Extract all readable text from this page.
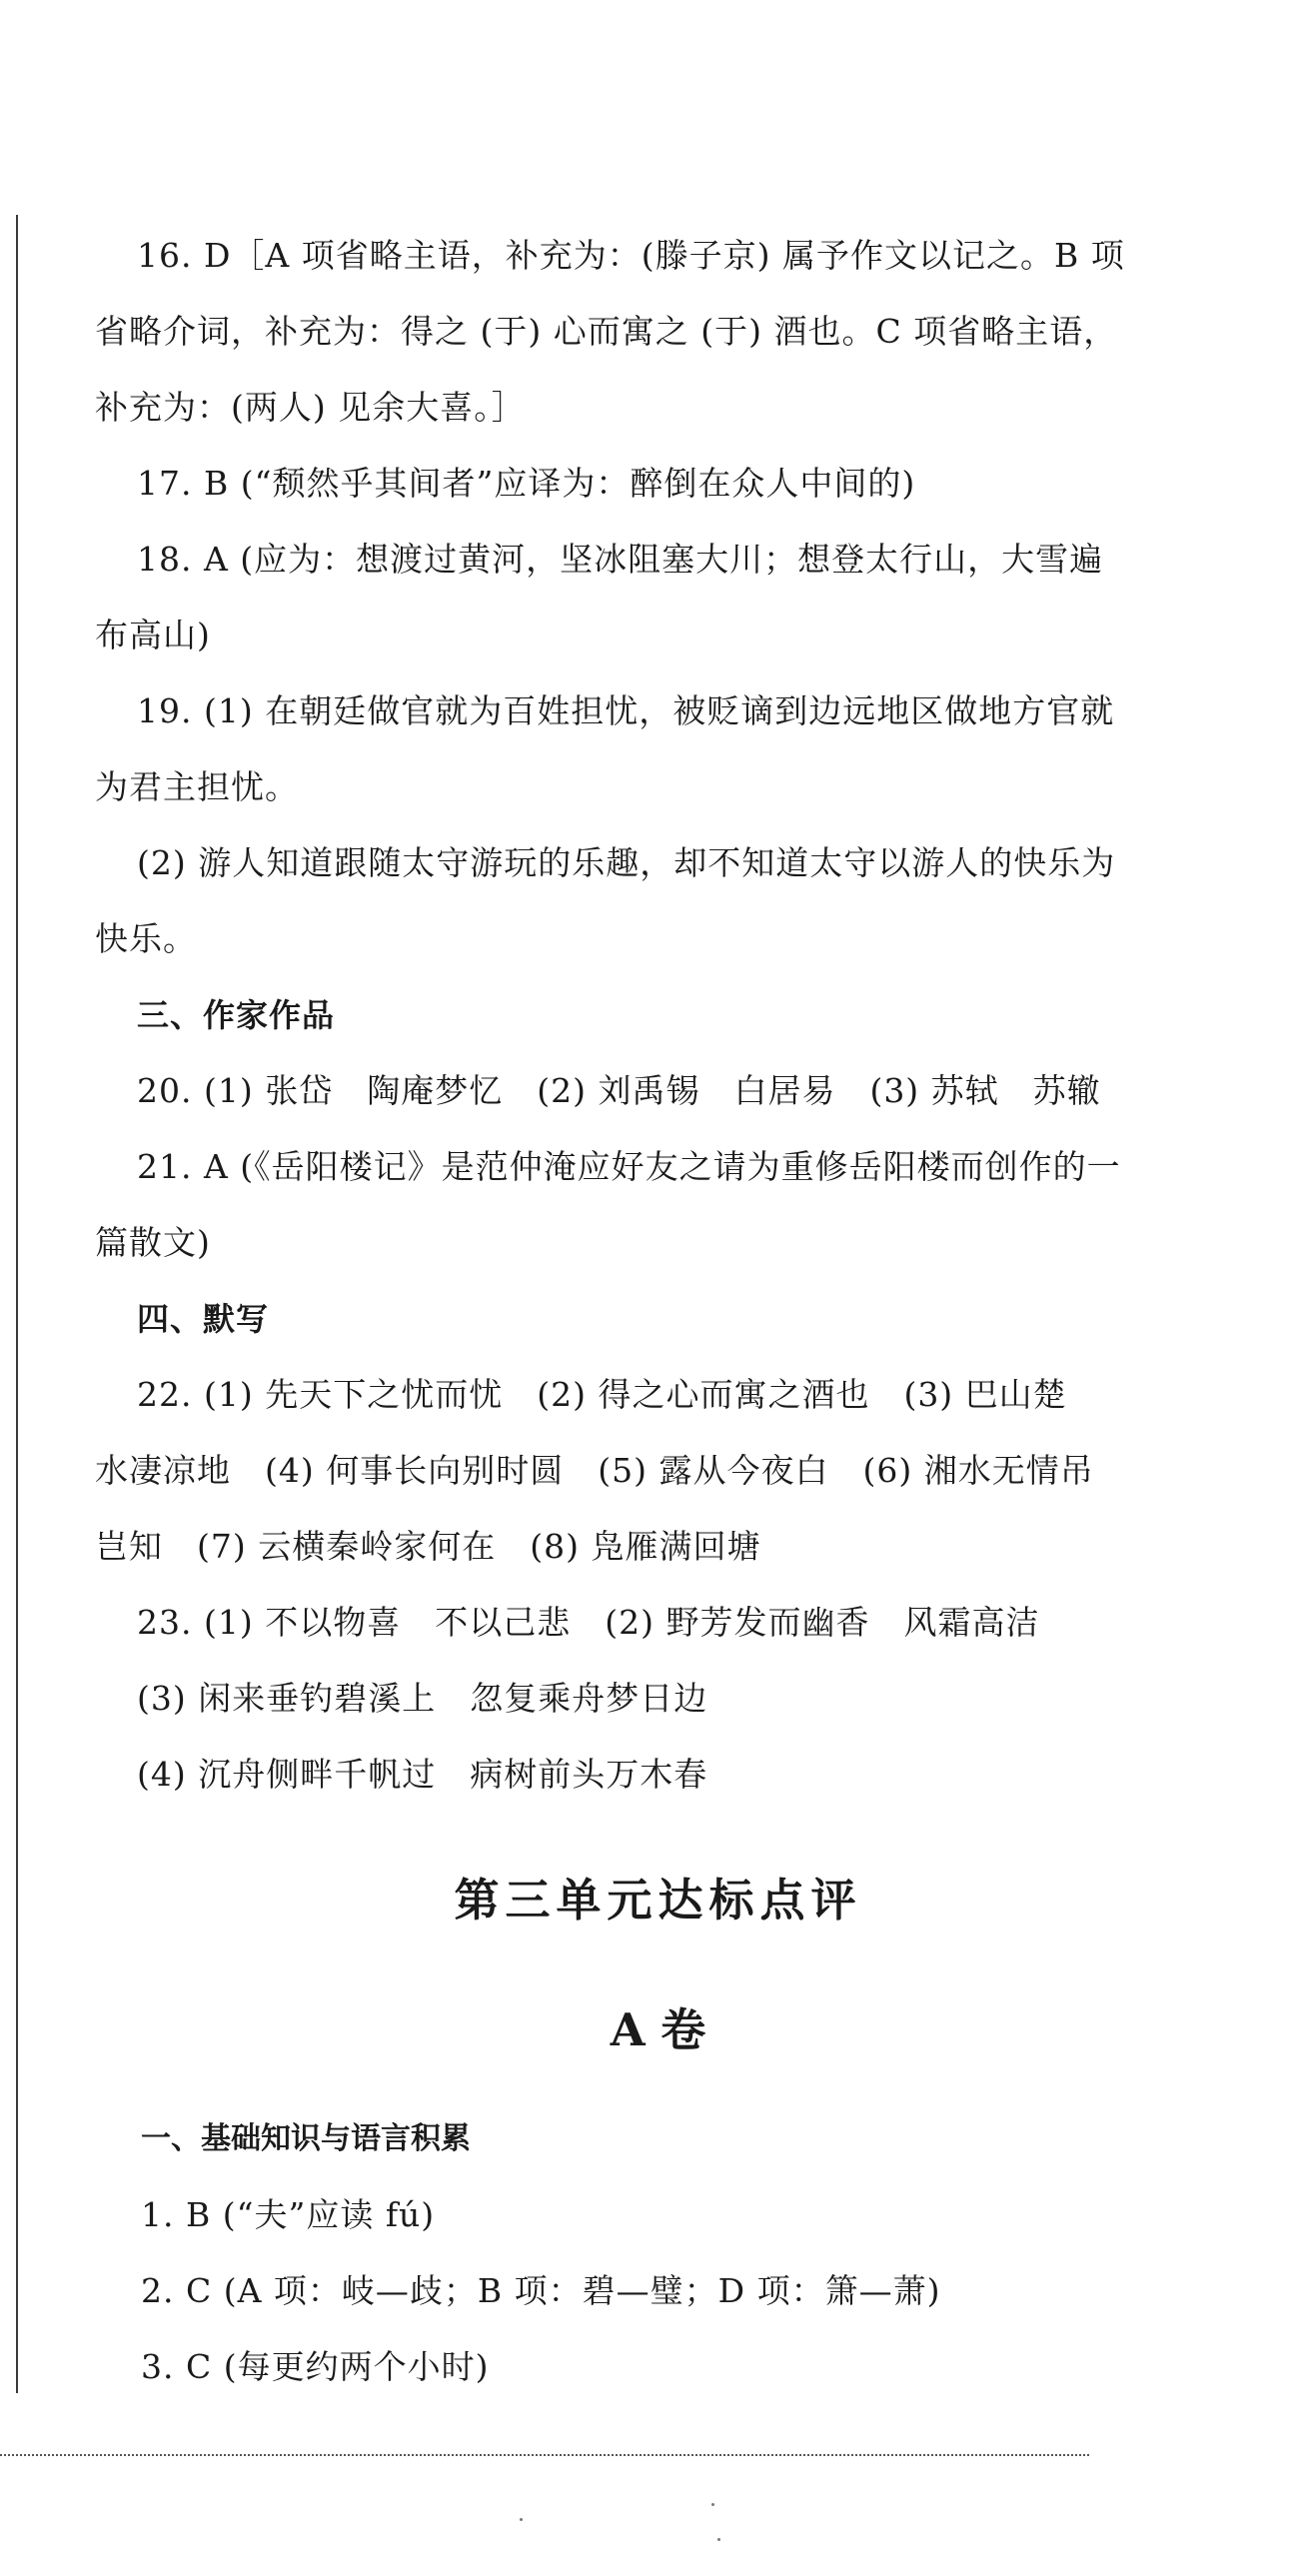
16. D［A 项省略主语，补充为：(滕子京) 属予作文以记之。B 项

省略介词，补充为：得之 (于) 心而寓之 (于) 酒也。C 项省略主语，

补充为：(两人) 见余大喜。］

17. B (“颓然乎其间者”应译为：醉倒在众人中间的)

18. A (应为：想渡过黄河，坚冰阻塞大川；想登太行山，大雪遍

布高山)

19. (1) 在朝廷做官就为百姓担忧，被贬谪到边远地区做地方官就

为君主担忧。

(2) 游人知道跟随太守游玩的乐趣，却不知道太守以游人的快乐为

快乐。

三、作家作品

20. (1) 张岱　陶庵梦忆　(2) 刘禹锡　白居易　(3) 苏轼　苏辙

21. A (《岳阳楼记》是范仲淹应好友之请为重修岳阳楼而创作的一

篇散文)

四、默写

22. (1) 先天下之忧而忧　(2) 得之心而寓之酒也　(3) 巴山楚

水凄凉地　(4) 何事长向别时圆　(5) 露从今夜白　(6) 湘水无情吊

岂知　(7) 云横秦岭家何在　(8) 凫雁满回塘

23. (1) 不以物喜　不以己悲　(2) 野芳发而幽香　风霜高洁

(3) 闲来垂钓碧溪上　忽复乘舟梦日边

(4) 沉舟侧畔千帆过　病树前头万木春

第三单元达标点评
A 卷

一、基础知识与语言积累

1. B (“夫”应读 fú)

2. C (A 项：岐—歧；B 项：碧—璧；D 项：箫—萧)

3. C (每更约两个小时)
